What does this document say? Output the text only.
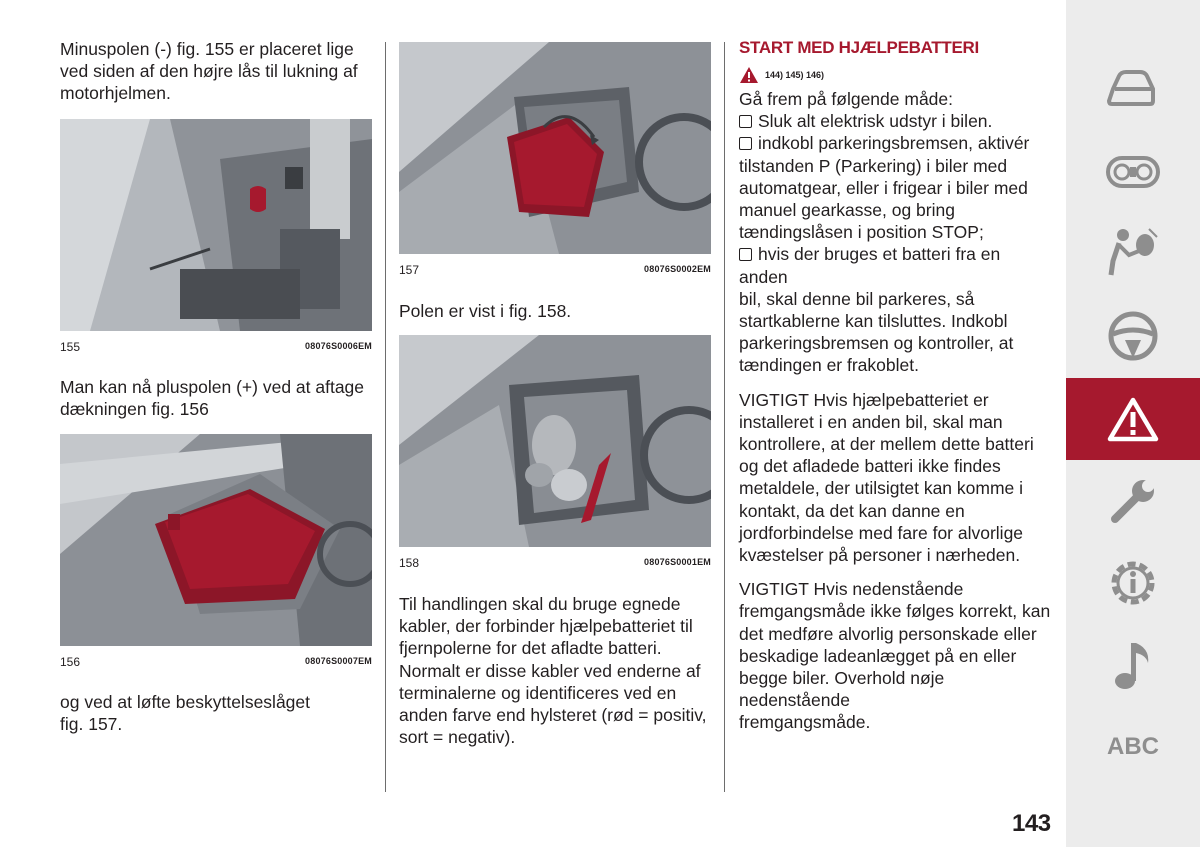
Minuspolen (-) fig. 155 er placeret lige
ved siden af den højre lås til lukning af
motorhjelmen.

155	08076S0006EM

Man kan nå pluspolen (+) ved at aftage
dækningen fig. 156

156	08076S0007EM

og ved at løfte beskyttelseslåget
fig. 157.

157	08076S0002EM

Polen er vist i fig. 158.

158	08076S0001EM

Til handlingen skal du bruge egnede
kabler, der forbinder hjælpebatteriet til
fjernpolerne for det afladte batteri.
Normalt er disse kabler ved enderne af
terminalerne og identificeres ved en
anden farve end hylsteret (rød = positiv,
sort = negativ).

START MED HJÆLPEBATTERI
144) 145) 146)

Gå frem på følgende måde:

Sluk alt elektrisk udstyr i bilen.

indkobl parkeringsbremsen, aktivér
tilstanden P (Parkering) i biler med
automatgear, eller i frigear i biler med
manuel gearkasse, og bring
tændingslåsen i position STOP;

hvis der bruges et batteri fra en anden
bil, skal denne bil parkeres, så
startkablerne kan tilsluttes. Indkobl
parkeringsbremsen og kontroller, at
tændingen er frakoblet.

VIGTIGT Hvis hjælpebatteriet er
installeret i en anden bil, skal man
kontrollere, at der mellem dette batteri
og det afladede batteri ikke findes
metaldele, der utilsigtet kan komme i
kontakt, da det kan danne en
jordforbindelse med fare for alvorlige
kvæstelser på personer i nærheden.

VIGTIGT Hvis nedenstående
fremgangsmåde ikke følges korrekt, kan
det medføre alvorlig personskade eller
beskadige ladeanlægget på en eller
begge biler. Overhold nøje nedenstående
fremgangsmåde.

ABC
143
